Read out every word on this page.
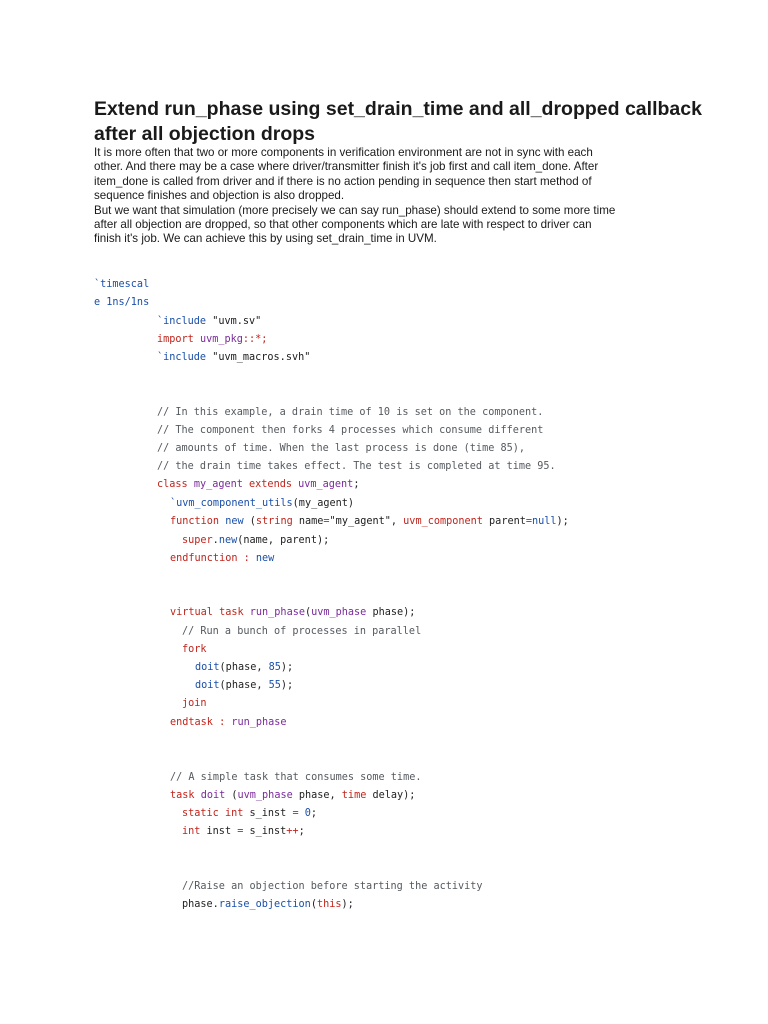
Extend run_phase using set_drain_time and all_dropped callback after all objection drops

It is more often that two or more components in verification environment are not in sync with each

other. And there may be a case where driver/transmitter finish it's job first and call item_done. After

item_done is called from driver and if there is no action pending in sequence then start method of

sequence finishes and objection is also dropped.

But we want that simulation (more precisely we can say run_phase) should extend to some more time

after all objection are dropped, so that other components which are late with respect to driver can

finish it's job. We can achieve this by using set_drain_time in UVM.

`timescal
e 1ns/1ns
`include "uvm.sv"
import uvm_pkg::*;
`include "uvm_macros.svh"
// In this example, a drain time of 10 is set on the component.
// The component then forks 4 processes which consume different
// amounts of time. When the last process is done (time 85),
// the drain time takes effect. The test is completed at time 95.
class my_agent extends uvm_agent;
`uvm_component_utils(my_agent)
function new (string name="my_agent", uvm_component parent=null);
super.new(name, parent);
endfunction : new
virtual task run_phase(uvm_phase phase);
// Run a bunch of processes in parallel
fork
doit(phase, 85);
doit(phase, 55);
join
endtask : run_phase
// A simple task that consumes some time.
task doit (uvm_phase phase, time delay);
static int s_inst = 0;
int inst = s_inst++;
//Raise an objection before starting the activity
phase.raise_objection(this);
